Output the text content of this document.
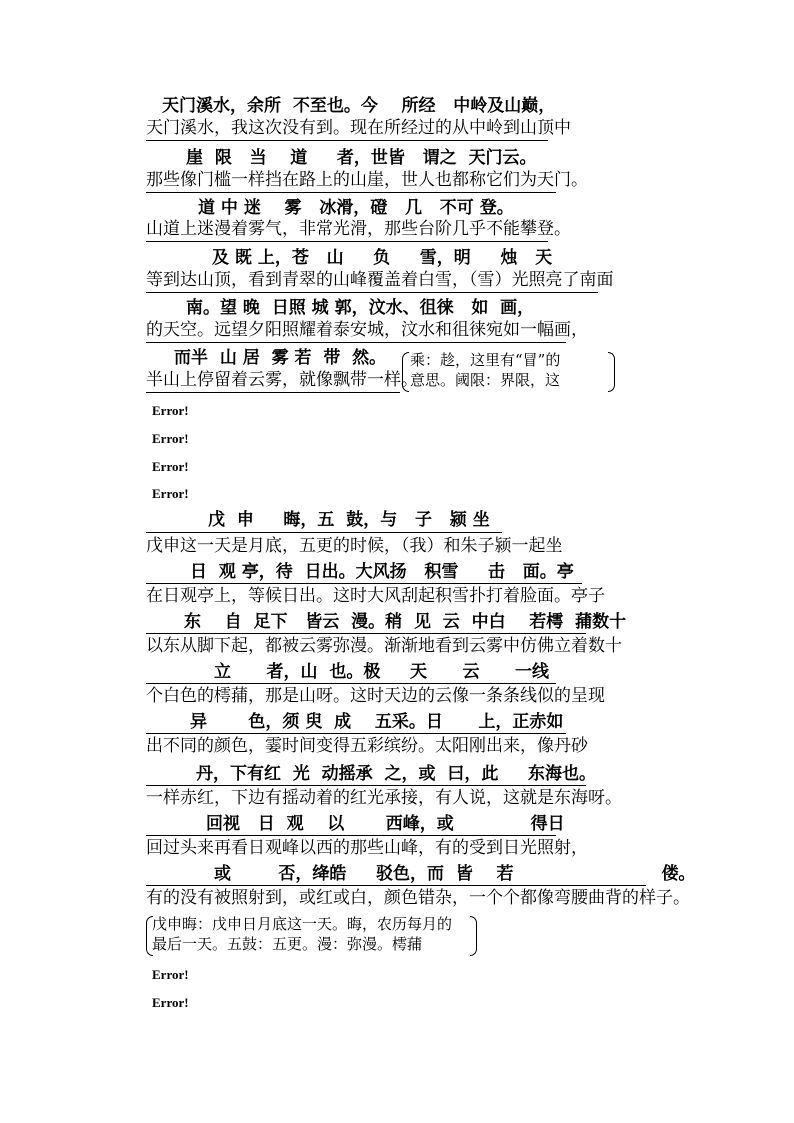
天门溪水，余所  不至也。今    所经   中岭及山巅，
天门溪水，我这次没有到。现在所经过的从中岭到山顶中
崖  限   当    道     者，世皆   谓之  天门云。
那些像门槛一样挡在路上的山崖，世人也都称它们为天门。
道 中 迷    雾   冰滑，磴   几   不可 登。
山道上迷漫着雾气，非常光滑，那些台阶几乎不能攀登。
及 既 上，苍   山     负     雪，明     烛   天
等到达山顶，看到青翠的山峰覆盖着白雪，（雪）光照亮了南面
南。望 晚  日照 城 郭，汶水、徂徕   如  画，
的天空。远望夕阳照耀着泰安城，汶水和徂徕宛如一幅画，
而半  山 居  雾 若  带  然。
半山上停留着云雾，就像飘带一样。
乘：趁，这里有“冒”的
意思。阈限：界限，这
Error!
Error!
Error!
Error!
戊  申     晦，五  鼓，与   子   颍 坐
戊申这一天是月底，五更的时候，（我）和朱子颍一起坐
日  观 亭，待  日出。大风扬   积雪     击   面。亭
在日观亭上，等候日出。这时大风刮起积雪扑打着脸面。亭子
东    自  足下   皆云  漫。稍  见  云  中白    若樗  蒱数十
以东从脚下起，都被云雾弥漫。渐渐地看到云雾中仿佛立着数十
立      者，山  也。极     天      云      一线
个白色的樗蒱，那是山呀。这时天边的云像一条条线似的呈现
异       色，须 臾  成    五采。日      上，正赤如
出不同的颜色，霎时间变得五彩缤纷。太阳刚出来，像丹砂
丹，下有红  光  动摇承  之，或  曰，此     东海也。
一样赤红，下边有摇动着的红光承接，有人说，这就是东海呀。
回视   日  观    以       西峰，或             得日
回过头来再看日观峰以西的那些山峰，有的受到日光照射，
或        否，绛皓     驳色，而  皆    若                         偻。
有的没有被照射到，或红或白，颜色错杂，一个个都像弯腰曲背的样子。
戊申晦：戊申日月底这一天。晦，农历每月的
最后一天。五鼓：五更。漫：弥漫。樗蒱
Error!
Error!
